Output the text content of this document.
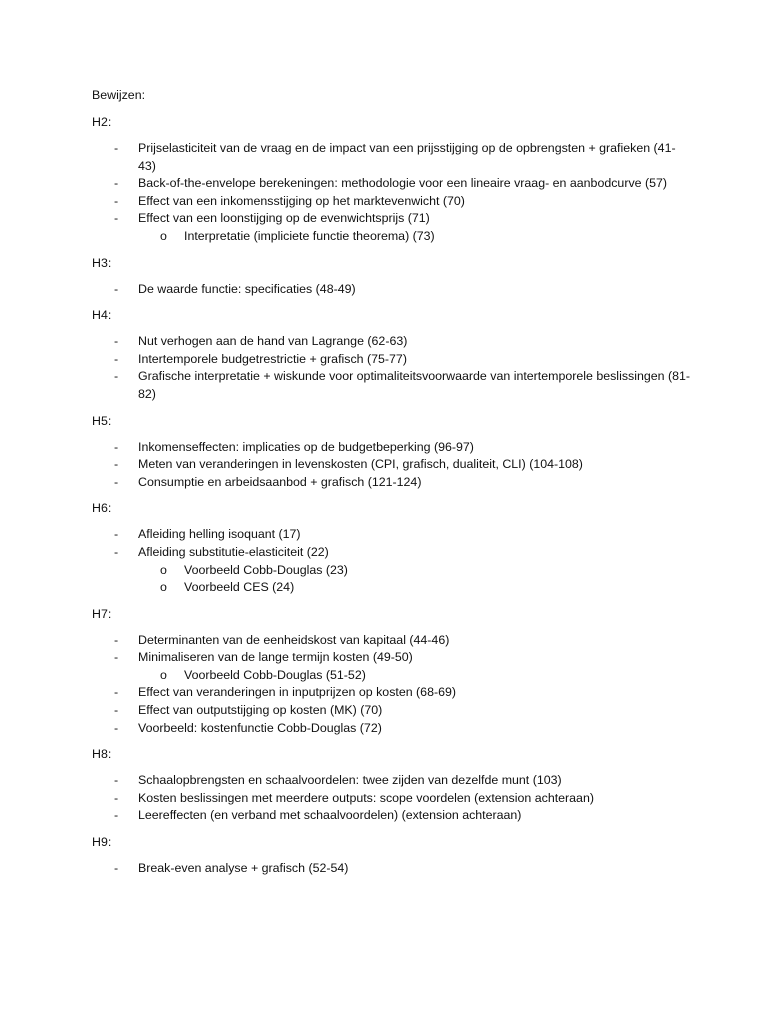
Bewijzen:
H2:
- Prijselasticiteit van de vraag en de impact van een prijsstijging op de opbrengsten + grafieken (41-43)
- Back-of-the-envelope berekeningen: methodologie voor een lineaire vraag- en aanbodcurve (57)
- Effect van een inkomensstijging op het marktevenwicht (70)
- Effect van een loonstijging op de evenwichtsprijs (71)
o Interpretatie (impliciete functie theorema) (73)
H3:
- De waarde functie: specificaties (48-49)
H4:
- Nut verhogen aan de hand van Lagrange (62-63)
- Intertemporele budgetrestrictie + grafisch (75-77)
- Grafische interpretatie + wiskunde voor optimaliteitsvoorwaarde van intertemporele beslissingen (81-82)
H5:
- Inkomenseffecten: implicaties op de budgetbeperking (96-97)
- Meten van veranderingen in levenskosten (CPI, grafisch, dualiteit, CLI) (104-108)
- Consumptie en arbeidsaanbod + grafisch (121-124)
H6:
- Afleiding helling isoquant (17)
- Afleiding substitutie-elasticiteit (22)
o Voorbeeld Cobb-Douglas (23)
o Voorbeeld CES (24)
H7:
- Determinanten van de eenheidskost van kapitaal (44-46)
- Minimaliseren van de lange termijn kosten (49-50)
o Voorbeeld Cobb-Douglas (51-52)
- Effect van veranderingen in inputprijzen op kosten (68-69)
- Effect van outputstijging op kosten (MK) (70)
- Voorbeeld: kostenfunctie Cobb-Douglas (72)
H8:
- Schaalopbrengsten en schaalvoordelen: twee zijden van dezelfde munt (103)
- Kosten beslissingen met meerdere outputs: scope voordelen (extension achteraan)
- Leereffecten (en verband met schaalvoordelen) (extension achteraan)
H9:
- Break-even analyse + grafisch (52-54)
